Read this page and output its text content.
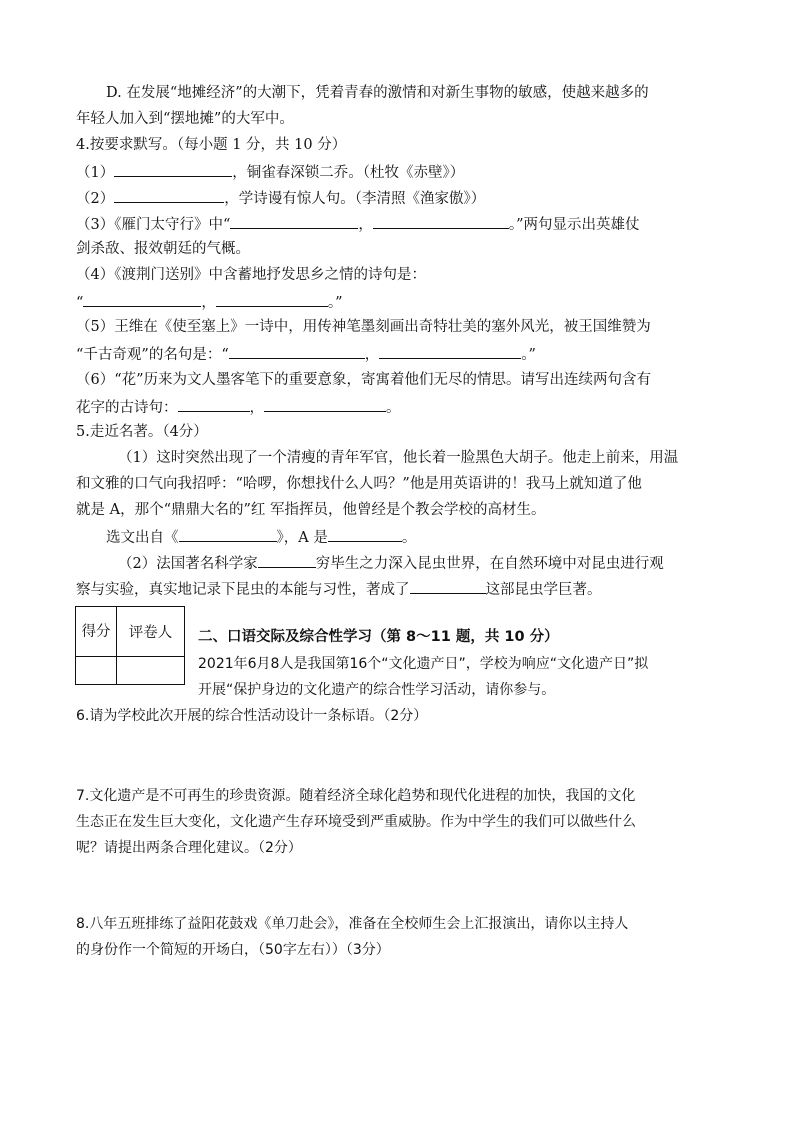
D. 在发展“地摊经济”的大潮下，凭着青春的激情和对新生事物的敏感，使越来越多的
年轻人加入到“摆地摊”的大军中。
4.按要求默写。（每小题 1 分，共 10 分）
（1）	，铜雀春深锁二乔。（杜牧《赤壁》）
（2）	，学诗谩有惊人句。（李清照《渔家傲》）
（3）《雁门太守行》中“	，	。”两句显示出英雄仗
剑杀敌、报效朝廷的气概。
（4）《渡荆门送别》中含蓄地抒发思乡之情的诗句是：
“	，	。”
（5）王维在《使至塞上》一诗中，用传神笔墨刻画出奇特壮美的塞外风光，被王国维赞为
“千古奇观”的名句是：“	，	。”
（6）“花”历来为文人墨客笔下的重要意象，寄寓着他们无尽的情思。请写出连续两句含有
花字的古诗句：	，	。
5.走近名著。（4分）
（1）这时突然出现了一个清瘦的青年军官，他长着一脸黑色大胡子。他走上前来，用温
和文雅的口气向我招呼：“哈啰，你想找什么人吗？”他是用英语讲的！我马上就知道了他
就是 A，那个“鼎鼎大名的”红 军指挥员，他曾经是个教会学校的高材生。
选文出自《	》，A 是	。
（2）法国著名科学家	穷毕生之力深入昆虫世界，在自然环境中对昆虫进行观
察与实验，真实地记录下昆虫的本能与习性，著成了	这部昆虫学巨著。
得分	评卷人
	二、口语交际及综合性学习（第 8～11 题，共 10 分）
2021年6月8人是我国第16个“文化遗产日”，学校为响应“文化遗产日”拟
开展“保护身边的文化遗产的综合性学习活动，请你参与。
6.请为学校此次开展的综合性活动设计一条标语。（2分）
7.文化遗产是不可再生的珍贵资源。随着经济全球化趋势和现代化进程的加快，我国的文化
生态正在发生巨大变化，文化遗产生存环境受到严重威胁。作为中学生的我们可以做些什么
呢？请提出两条合理化建议。（2分）
8.八年五班排练了益阳花鼓戏《单刀赴会》，准备在全校师生会上汇报演出，请你以主持人
的身份作一个简短的开场白，（50字左右））（3分）
